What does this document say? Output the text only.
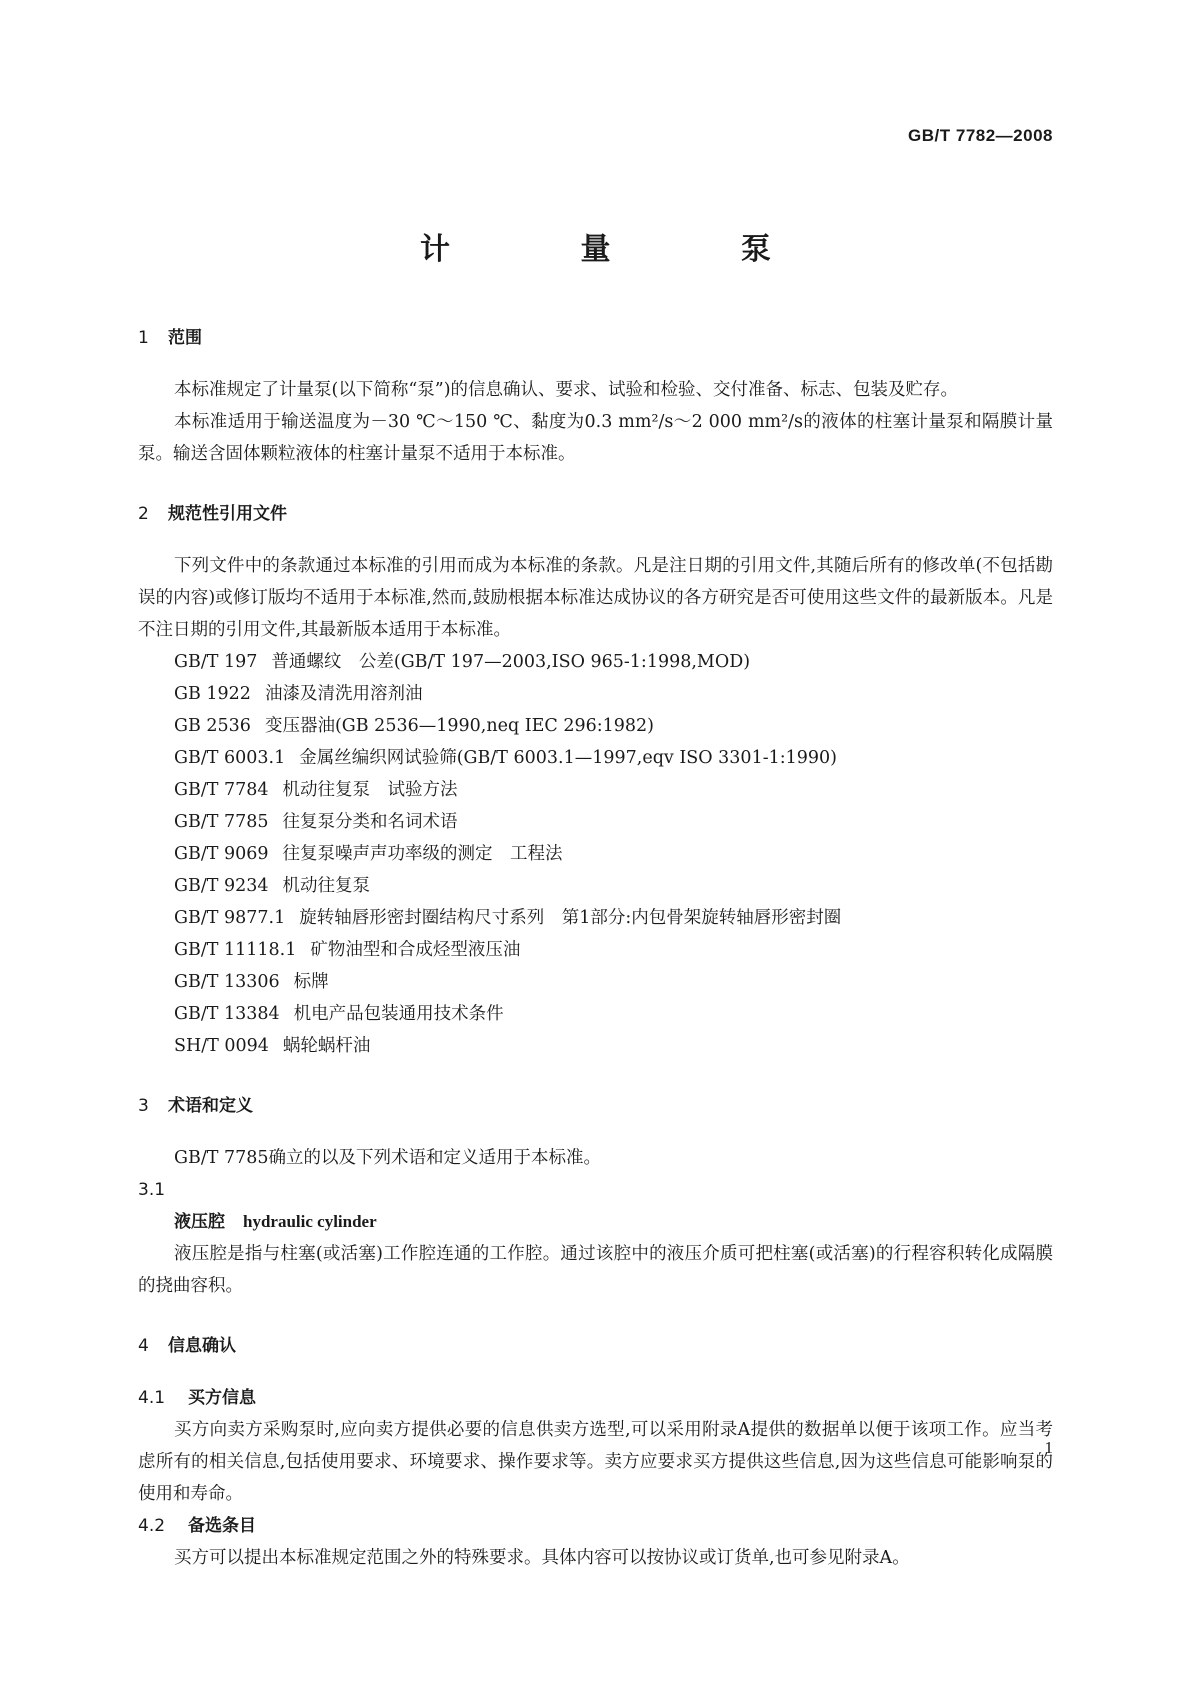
GB/T 7782—2008
计 量 泵
1	范围

本标准规定了计量泵(以下简称“泵”)的信息确认、要求、试验和检验、交付准备、标志、包装及贮存。

本标准适用于输送温度为－30 ℃～150 ℃、黏度为0.3 mm²/s～2 000 mm²/s的液体的柱塞计量泵和隔膜计量泵。输送含固体颗粒液体的柱塞计量泵不适用于本标准。

2	规范性引用文件

下列文件中的条款通过本标准的引用而成为本标准的条款。凡是注日期的引用文件,其随后所有的修改单(不包括勘误的内容)或修订版均不适用于本标准,然而,鼓励根据本标准达成协议的各方研究是否可使用这些文件的最新版本。凡是不注日期的引用文件,其最新版本适用于本标准。

GB/T 197 普通螺纹　公差(GB/T 197—2003,ISO 965-1:1998,MOD)

GB 1922 油漆及清洗用溶剂油

GB 2536 变压器油(GB 2536—1990,neq IEC 296:1982)

GB/T 6003.1 金属丝编织网试验筛(GB/T 6003.1—1997,eqv ISO 3301-1:1990)

GB/T 7784 机动往复泵　试验方法

GB/T 7785 往复泵分类和名词术语

GB/T 9069 往复泵噪声声功率级的测定　工程法

GB/T 9234 机动往复泵

GB/T 9877.1 旋转轴唇形密封圈结构尺寸系列　第1部分:内包骨架旋转轴唇形密封圈

GB/T 11118.1 矿物油型和合成烃型液压油

GB/T 13306 标牌

GB/T 13384 机电产品包装通用技术条件

SH/T 0094 蜗轮蜗杆油

3	术语和定义

GB/T 7785确立的以及下列术语和定义适用于本标准。

3.1

液压腔 hydraulic cylinder

液压腔是指与柱塞(或活塞)工作腔连通的工作腔。通过该腔中的液压介质可把柱塞(或活塞)的行程容积转化成隔膜的挠曲容积。

4	信息确认
4.1	买方信息

买方向卖方采购泵时,应向卖方提供必要的信息供卖方选型,可以采用附录A提供的数据单以便于该项工作。应当考虑所有的相关信息,包括使用要求、环境要求、操作要求等。卖方应要求买方提供这些信息,因为这些信息可能影响泵的使用和寿命。

4.2	备选条目

买方可以提出本标准规定范围之外的特殊要求。具体内容可以按协议或订货单,也可参见附录A。

1
